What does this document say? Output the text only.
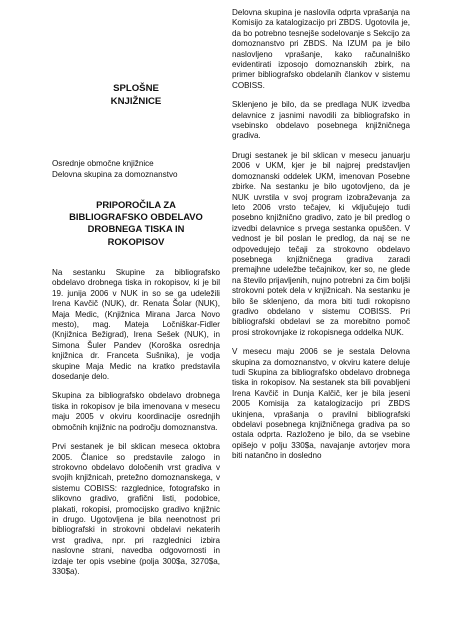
SPLOŠNE
KNJIŽNICE
Osrednje območne knjižnice
Delovna skupina za domoznanstvo
PRIPOROČILA ZA
BIBLIOGRAFSKO OBDELAVO
DROBNEGA TISKA IN
ROKOPISOV

Na sestanku Skupine za bibliografsko obdelavo drobnega tiska in rokopisov, ki je bil 19. junija 2006 v NUK in so se ga udeležili Irena Kavčič (NUK), dr. Renata Šolar (NUK), Maja Medic, (Knjižnica Mirana Jarca Novo mesto), mag. Mateja Ločniškar-Fidler (Knjižnica Bežigrad), Irena Sešek (NUK), in Simona Šuler Pandev (Koroška osrednja knjižnica dr. Franceta Sušnika), je vodja skupine Maja Medic na kratko predstavila dosedanje delo.

Skupina za bibliografsko obdelavo drobnega tiska in rokopisov je bila imenovana v mesecu maju 2005 v okviru koordinacije osrednjih območnih knjižnic na področju domoznanstva.

Prvi sestanek je bil sklican meseca oktobra 2005. Članice so predstavile zalogo in strokovno obdelavo določenih vrst gradiva v svojih knjižnicah, pretežno domoznanskega, v sistemu COBISS: razglednice, fotografsko in slikovno gradivo, grafični listi, podobice, plakati, rokopisi, promocijsko gradivo knjižnic in drugo. Ugotovljena je bila neenotnost pri bibliografski in strokovni obdelavi nekaterih vrst gradiva, npr. pri razglednici izbira naslovne strani, navedba odgovornosti in izdaje ter opis vsebine (polja 300$a, 3270$a, 330$a).

Delovna skupina je naslovila odprta vprašanja na Komisijo za katalogizacijo pri ZBDS. Ugotovila je, da bo potrebno tesnejše sodelovanje s Sekcijo za domoznanstvo pri ZBDS. Na IZUM pa je bilo naslovljeno vprašanje, kako računalniško evidentirati izposojo domoznanskih zbirk, na primer bibliografsko obdelanih člankov v sistemu COBISS.

Sklenjeno je bilo, da se predlaga NUK izvedba delavnice z jasnimi navodili za bibliografsko in vsebinsko obdelavo posebnega knjižničnega gradiva.

Drugi sestanek je bil sklican v mesecu januarju 2006 v UKM, kjer je bil najprej predstavljen domoznanski oddelek UKM, imenovan Posebne zbirke. Na sestanku je bilo ugotovljeno, da je NUK uvrstila v svoj program izobraževanja za leto 2006 vrsto tečajev, ki vključujejo tudi posebno knjižnično gradivo, zato je bil predlog o izvedbi delavnice s prvega sestanka opuščen. V vednost je bil poslan le predlog, da naj se ne odpovedujejo tečaji za strokovno obdelavo posebnega knjižničnega gradiva zaradi premajhne udeležbe tečajnikov, ker so, ne glede na število prijavljenih, nujno potrebni za čim boljši strokovni potek dela v knjižnicah. Na sestanku je bilo še sklenjeno, da mora biti tudi rokopisno gradivo obdelano v sistemu COBISS. Pri bibliografski obdelavi se za morebitno pomoč prosi strokovnjake iz rokopisnega oddelka NUK.

V mesecu maju 2006 se je sestala Delovna skupina za domoznanstvo, v okviru katere deluje tudi Skupina za bibliografsko obdelavo drobnega tiska in rokopisov. Na sestanek sta bili povabljeni Irena Kavčič in Dunja Kalčič, ker je bila jeseni 2005 Komisija za katalogizacijo pri ZBDS ukinjena, vprašanja o pravilni bibliografski obdelavi posebnega knjižničnega gradiva pa so ostala odprta. Razloženo je bilo, da se vsebine opišejo v polju 330$a, navajanje avtorjev mora biti natančno in dosledno
